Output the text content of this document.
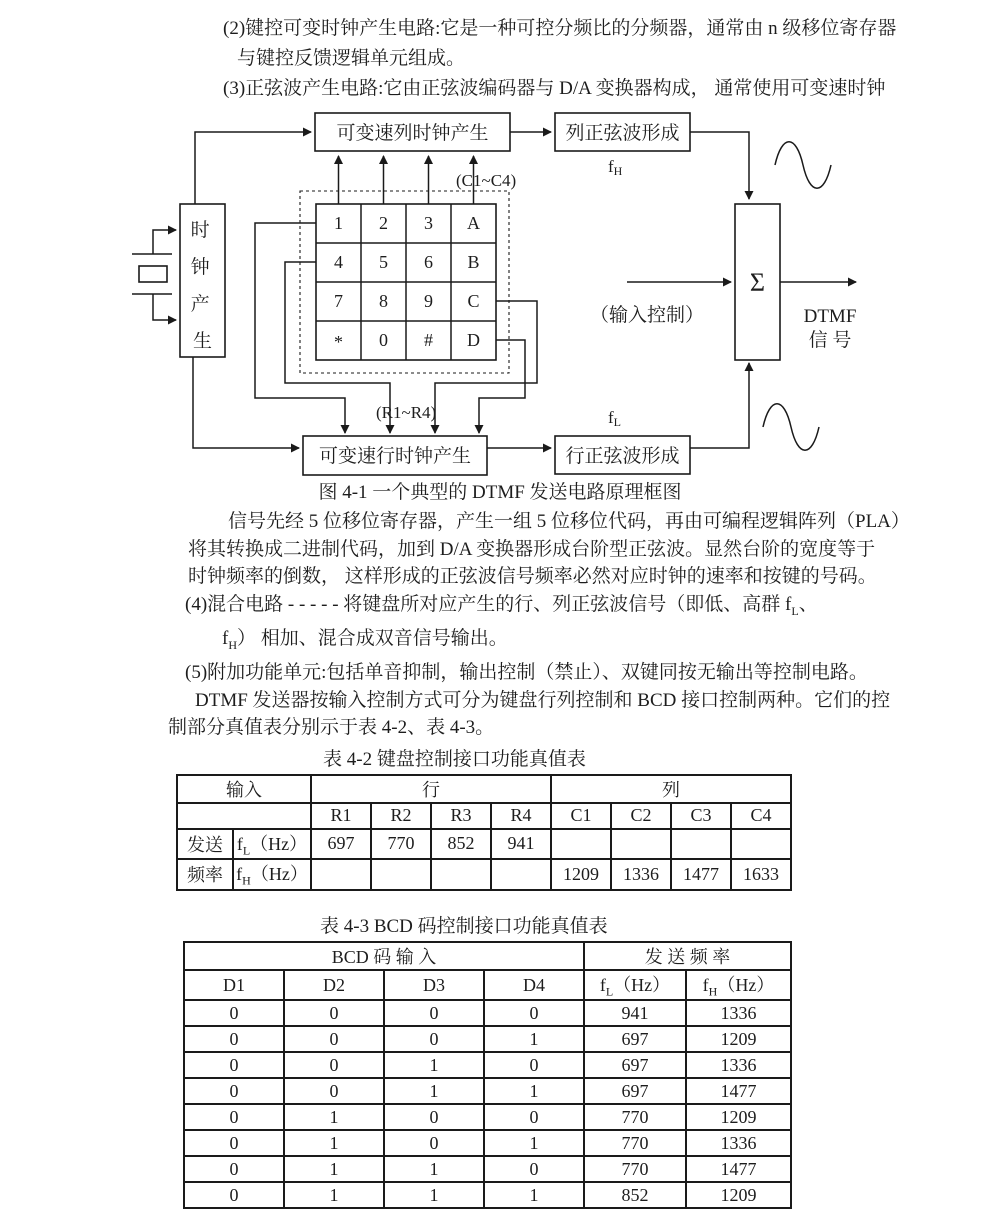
(2)键控可变时钟产生电路:它是一种可控分频比的分频器，通常由 n 级移位寄存器
与键控反馈逻辑单元组成。
(3)正弦波产生电路:它由正弦波编码器与 D/A 变换器构成， 通常使用可变速时钟
时 钟 产 生
可变速列时钟产生	列正弦波形成
可变速行时钟产生	行正弦波形成
Σ
1 2 3 A
4 5 6 B
7 8 9 C
* 0 # D
(C1~C4)
(R1~R4)
fH
fL
（输入控制）	DTMF
信 号
图 4-1 一个典型的 DTMF 发送电路原理框图
信号先经 5 位移位寄存器，产生一组 5 位移位代码，再由可编程逻辑阵列（PLA）
将其转换成二进制代码，加到 D/A 变换器形成台阶型正弦波。显然台阶的宽度等于
时钟频率的倒数， 这样形成的正弦波信号频率必然对应时钟的速率和按键的号码。
(4)混合电路 - - - - - 将键盘所对应产生的行、列正弦波信号（即低、高群 $f_L$、
$f_H$） 相加、混合成双音信号输出。
(5)附加功能单元:包括单音抑制，输出控制（禁止）、双键同按无输出等控制电路。
DTMF 发送器按输入控制方式可分为键盘行列控制和 BCD 接口控制两种。它们的控
制部分真值表分别示于表 4-2、表 4-3。
表 4-2 键盘控制接口功能真值表
输入		行				列			
		R1	R2	R3	R4	C1	C2	C3	C4
发送	$f_L(Hz)$	697	770	852	941				
频率	$f_H(Hz)$					1209	1336	1477	1633
表 4-3 BCD 码控制接口功能真值表
BCD 码 输 入				发 送 频 率	
D1	D2	D3	D4	$f_L(Hz)$	$f_H(Hz)$
0	0	0	0	941	1336
0	0	0	1	697	1209
0	0	1	0	697	1336
0	0	1	1	697	1477
0	1	0	0	770	1209
0	1	0	1	770	1336
0	1	1	0	770	1477
0	1	1	1	852	1209
